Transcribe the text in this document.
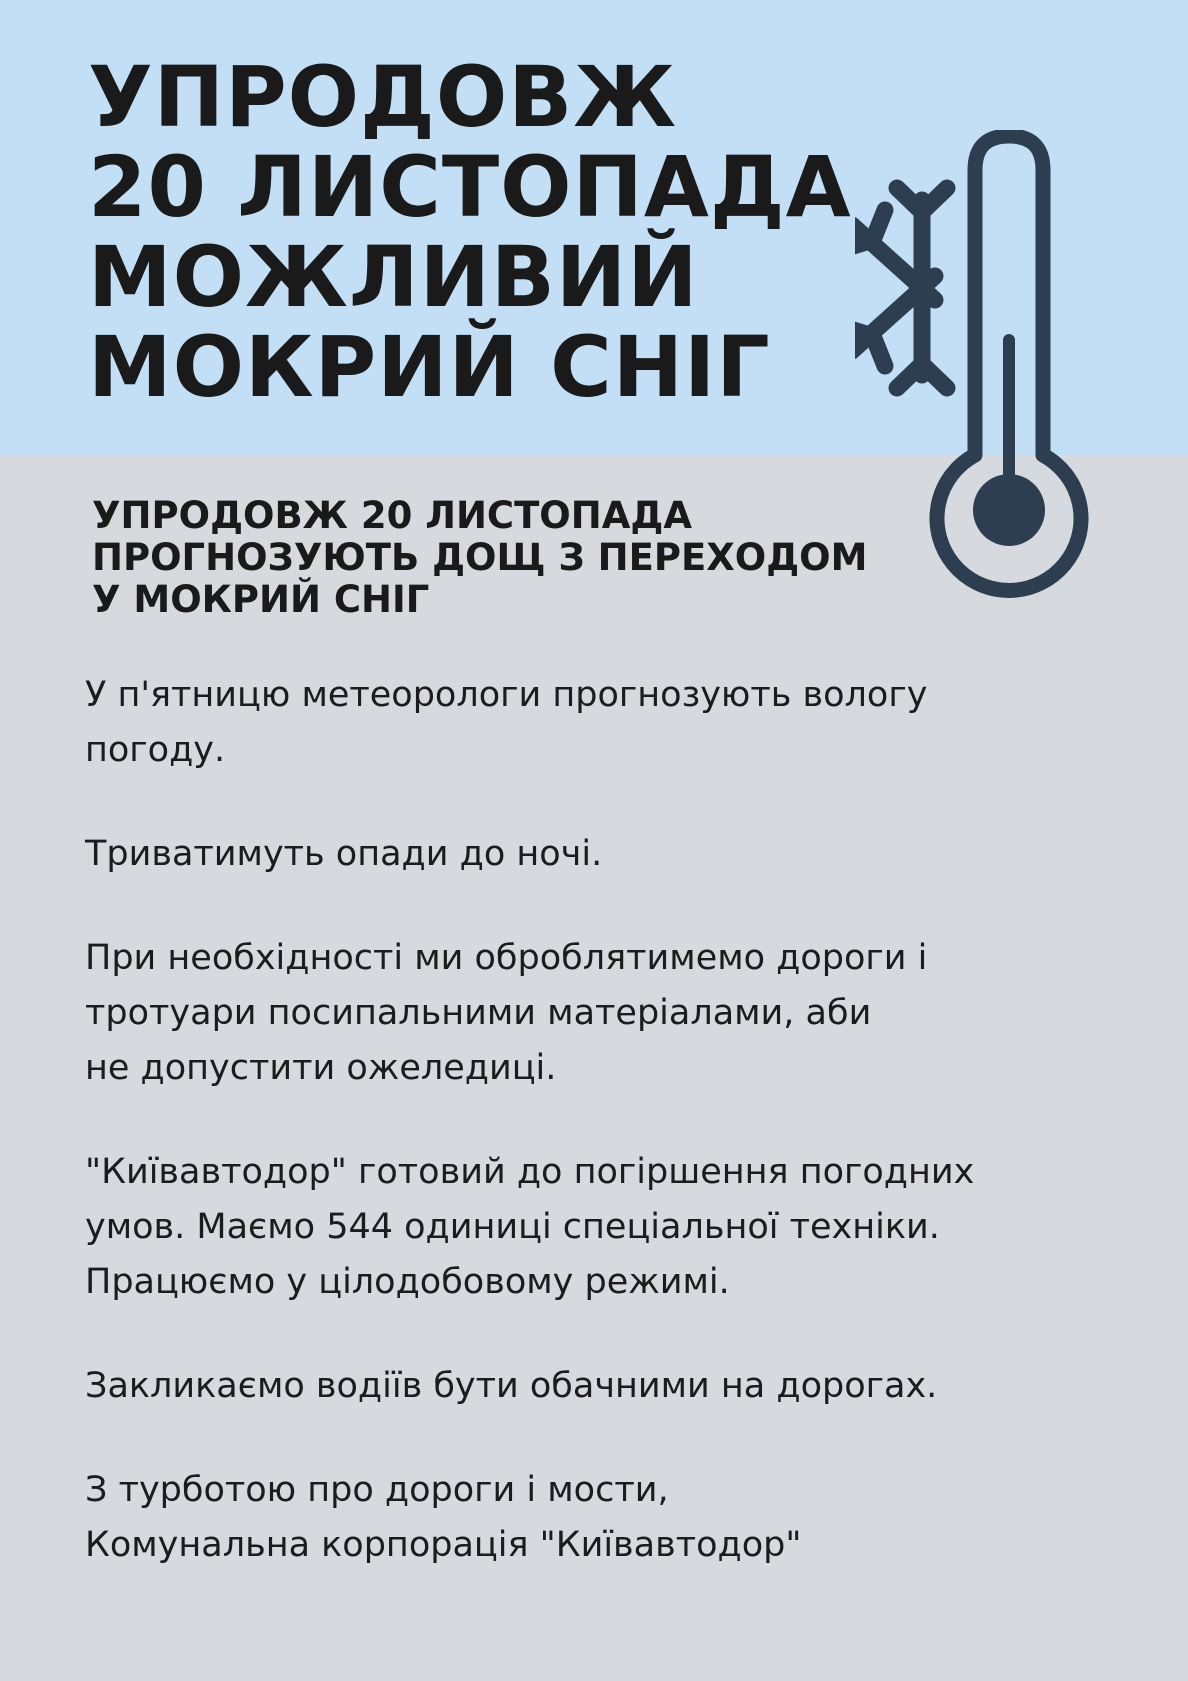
УПРОДОВЖ
20 ЛИСТОПАДА
МОЖЛИВИЙ
МОКРИЙ СНІГ
УПРОДОВЖ 20 ЛИСТОПАДА
ПРОГНОЗУЮТЬ ДОЩ З ПЕРЕХОДОМ
У МОКРИЙ СНІГ

У п'ятницю метеорологи прогнозують вологу
погоду.

Триватимуть опади до ночі.

При необхідності ми оброблятимемо дороги і
тротуари посипальними матеріалами, аби
не допустити ожеледиці.

"Київавтодор" готовий до погіршення погодних
умов. Маємо 544 одиниці спеціальної техніки.
Працюємо у цілодобовому режимі.

Закликаємо водіїв бути обачними на дорогах.

З турботою про дороги і мости,
Комунальна корпорація "Київавтодор"
